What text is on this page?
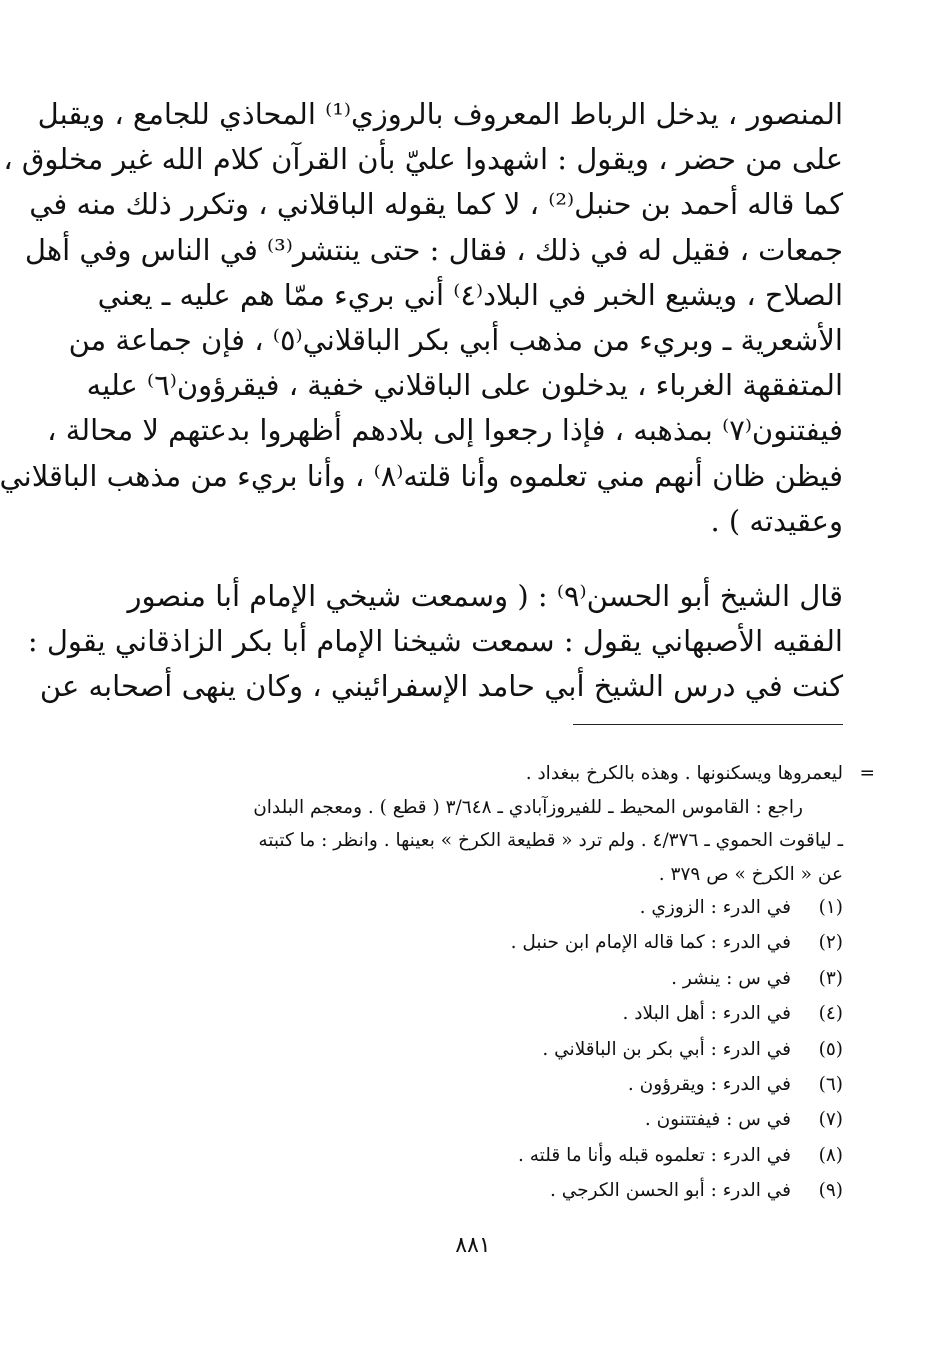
المنصور ، يدخل الرباط المعروف بالروزي⁽¹⁾ المحاذي للجامع ، ويقبل
على من حضر ، ويقول : اشهدوا عليّ بأن القرآن كلام الله غير مخلوق ،
كما قاله أحمد بن حنبل⁽²⁾ ، لا كما يقوله الباقلاني ، وتكرر ذلك منه في
جمعات ، فقيل له في ذلك ، فقال : حتى ينتشر⁽³⁾ في الناس وفي أهل
الصلاح ، ويشيع الخبر في البلاد⁽٤⁾ أني بريء ممّا هم عليه ـ يعني
الأشعرية ـ وبريء من مذهب أبي بكر الباقلاني⁽٥⁾ ، فإن جماعة من
المتفقهة الغرباء ، يدخلون على الباقلاني خفية ، فيقرؤون⁽٦⁾ عليه
فيفتنون⁽٧⁾ بمذهبه ، فإذا رجعوا إلى بلادهم أظهروا بدعتهم لا محالة ،
فيظن ظان أنهم مني تعلموه وأنا قلته⁽٨⁾ ، وأنا بريء من مذهب الباقلاني
وعقيدته ) .
قال الشيخ أبو الحسن⁽٩⁾ : ( وسمعت شيخي الإمام أبا منصور
الفقيه الأصبهاني يقول : سمعت شيخنا الإمام أبا بكر الزاذقاني يقول :
كنت في درس الشيخ أبي حامد الإسفرائيني ، وكان ينهى أصحابه عن
=
ليعمروها ويسكنونها . وهذه بالكرخ ببغداد .
راجع : القاموس المحيط ـ للفيروزآبادي ـ ٣/٦٤٨ ( قطع ) . ومعجم البلدان
ـ لياقوت الحموي ـ ٤/٣٧٦ . ولم ترد « قطيعة الكرخ » بعينها . وانظر : ما كتبته
عن « الكرخ » ص ٣٧٩ .
(١)في الدرء : الزوزي .
(٢)في الدرء : كما قاله الإمام ابن حنبل .
(٣)في س : ينشر .
(٤)في الدرء : أهل البلاد .
(٥)في الدرء : أبي بكر بن الباقلاني .
(٦)في الدرء : ويقرؤون .
(٧)في س : فيفتتنون .
(٨)في الدرء : تعلموه قبله وأنا ما قلته .
(٩)في الدرء : أبو الحسن الكرجي .
٨٨١
